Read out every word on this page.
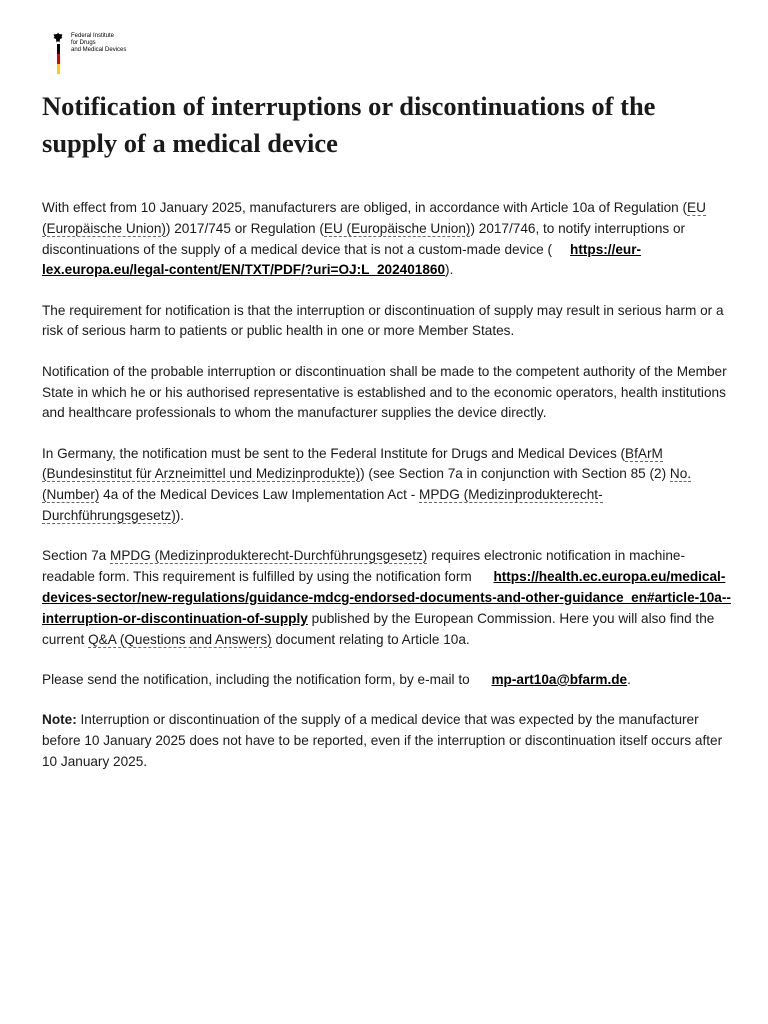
Federal Institute
for Drugs
and Medical Devices
Notification of interruptions or discontinuations of the supply of a medical device

With effect from 10 January 2025, manufacturers are obliged, in accordance with Article 10a of Regulation (EU (Europäische Union)) 2017/745 or Regulation (EU (Europäische Union)) 2017/746, to notify interruptions or discontinuations of the supply of a medical device that is not a custom-made device ( https://eur-lex.europa.eu/legal-content/EN/TXT/PDF/?uri=OJ:L_202401860).

The requirement for notification is that the interruption or discontinuation of supply may result in serious harm or a risk of serious harm to patients or public health in one or more Member States.

Notification of the probable interruption or discontinuation shall be made to the competent authority of the Member State in which he or his authorised representative is established and to the economic operators, health institutions and healthcare professionals to whom the manufacturer supplies the device directly.

In Germany, the notification must be sent to the Federal Institute for Drugs and Medical Devices (BfArM (Bundesinstitut für Arzneimittel und Medizinprodukte)) (see Section 7a in conjunction with Section 85 (2) No. (Number) 4a of the Medical Devices Law Implementation Act - MPDG (Medizinprodukterecht-Durchführungsgesetz)).

Section 7a MPDG (Medizinprodukterecht-Durchführungsgesetz) requires electronic notification in machine-readable form. This requirement is fulfilled by using the notification form https://health.ec.europa.eu/medical-devices-sector/new-regulations/guidance-mdcg-endorsed-documents-and-other-guidance_en#article-10a--interruption-or-discontinuation-of-supply published by the European Commission. Here you will also find the current Q&A (Questions and Answers) document relating to Article 10a.

Please send the notification, including the notification form, by e-mail to mp-art10a@bfarm.de.

Note: Interruption or discontinuation of the supply of a medical device that was expected by the manufacturer before 10 January 2025 does not have to be reported, even if the interruption or discontinuation itself occurs after 10 January 2025.
